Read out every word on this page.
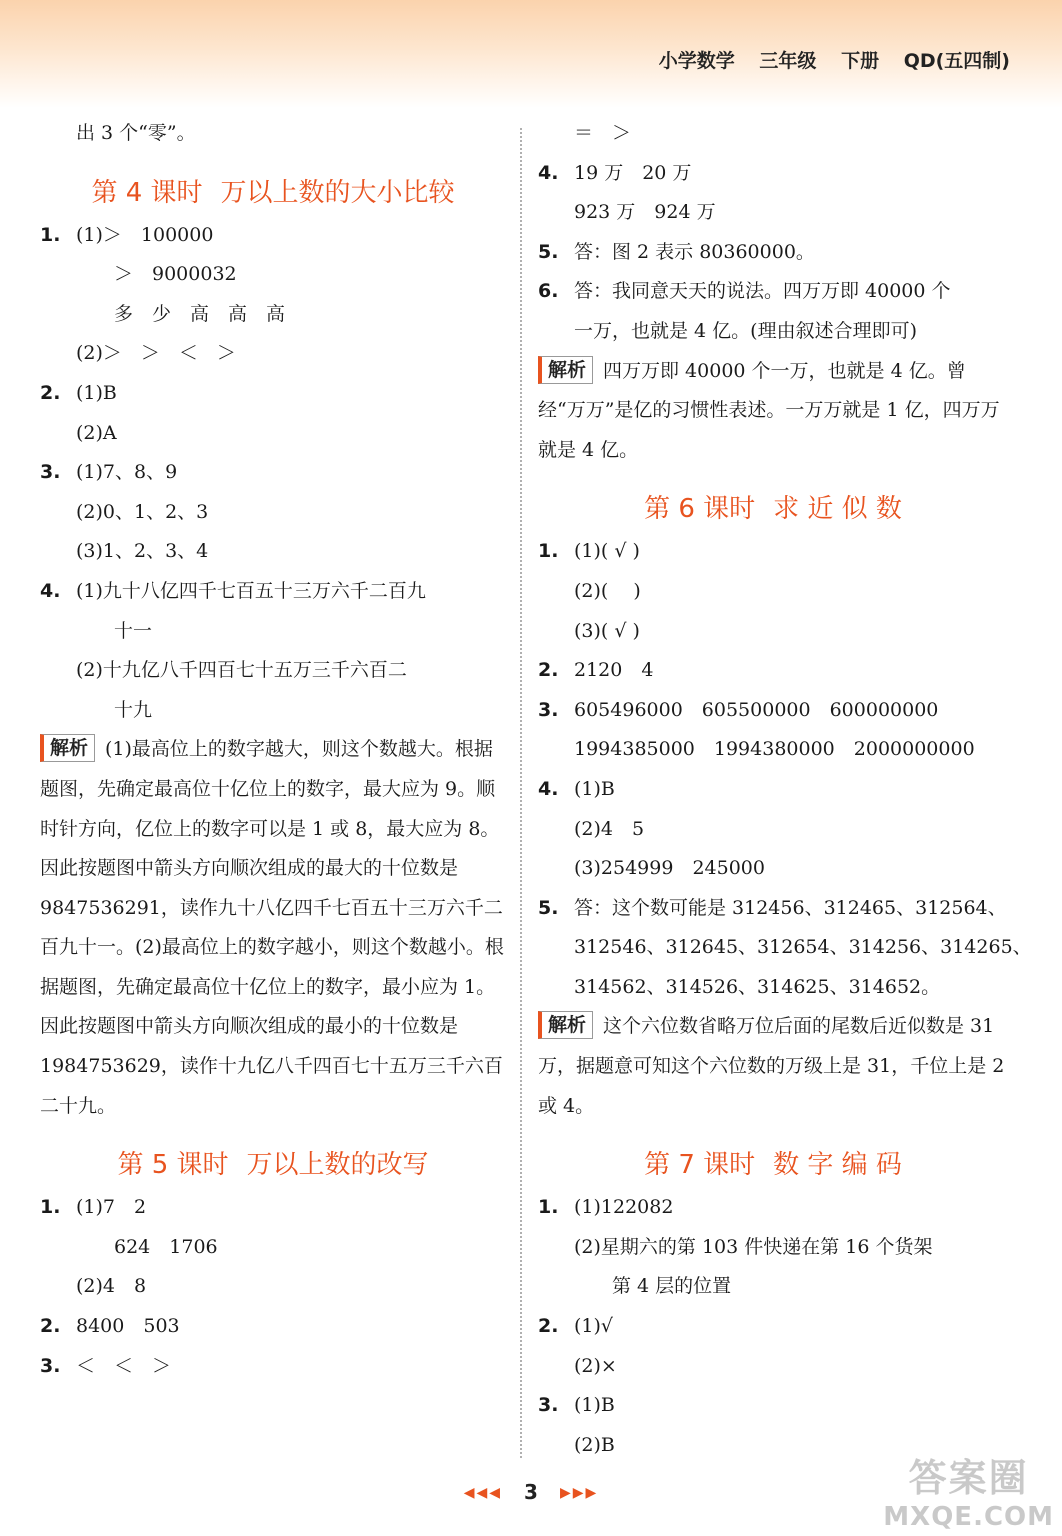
小学数学 三年级 下册 QD(五四制)
出 3 个“零”。
第 4 课时 万以上数的大小比较
1. (1)＞　100000
＞　9000032
多　少　高　高　高
(2)＞　＞　＜　＞
2. (1)B
(2)A
3. (1)7、8、9
(2)0、1、2、3
(3)1、2、3、4
4. (1)九十八亿四千七百五十三万六千二百九
十一
(2)十九亿八千四百七十五万三千六百二
十九
解析 (1)最高位上的数字越大，则这个数越大。根据题图，先确定最高位十亿位上的数字，最大应为 9。顺时针方向，亿位上的数字可以是 1 或 8，最大应为 8。因此按题图中箭头方向顺次组成的最大的十位数是 9847536291，读作九十八亿四千七百五十三万六千二百九十一。(2)最高位上的数字越小，则这个数越小。根据题图，先确定最高位十亿位上的数字，最小应为 1。因此按题图中箭头方向顺次组成的最小的十位数是 1984753629，读作十九亿八千四百七十五万三千六百二十九。
第 5 课时 万以上数的改写
1. (1)7　2
624　1706
(2)4　8
2. 8400　503
3. ＜　＜　＞
＝　＞
4. 19 万　20 万
923 万　924 万
5. 答：图 2 表示 80360000。
6. 答：我同意天天的说法。四万万即 40000 个
一万，也就是 4 亿。(理由叙述合理即可)
解析 四万万即 40000 个一万，也就是 4 亿。曾经“万万”是亿的习惯性表述。一万万就是 1 亿，四万万就是 4 亿。
第 6 课时 求 近 似 数
1. (1)( √ )
(2)(　 )
(3)( √ )
2. 2120　4
3. 605496000　605500000　600000000
1994385000　1994380000　2000000000
4. (1)B
(2)4　5
(3)254999　245000
5. 答：这个数可能是 312456、312465、312564、
312546、312645、312654、314256、314265、
314562、314526、314625、314652。
解析 这个六位数省略万位后面的尾数后近似数是 31 万，据题意可知这个六位数的万级上是 31，千位上是 2 或 4。
第 7 课时 数 字 编 码
1. (1)122082
(2)星期六的第 103 件快递在第 16 个货架
第 4 层的位置
2. (1)√
(2)×
3. (1)B
(2)B
◀◀◀ 3 ▶▶▶	答案圈
MXQE.COM
